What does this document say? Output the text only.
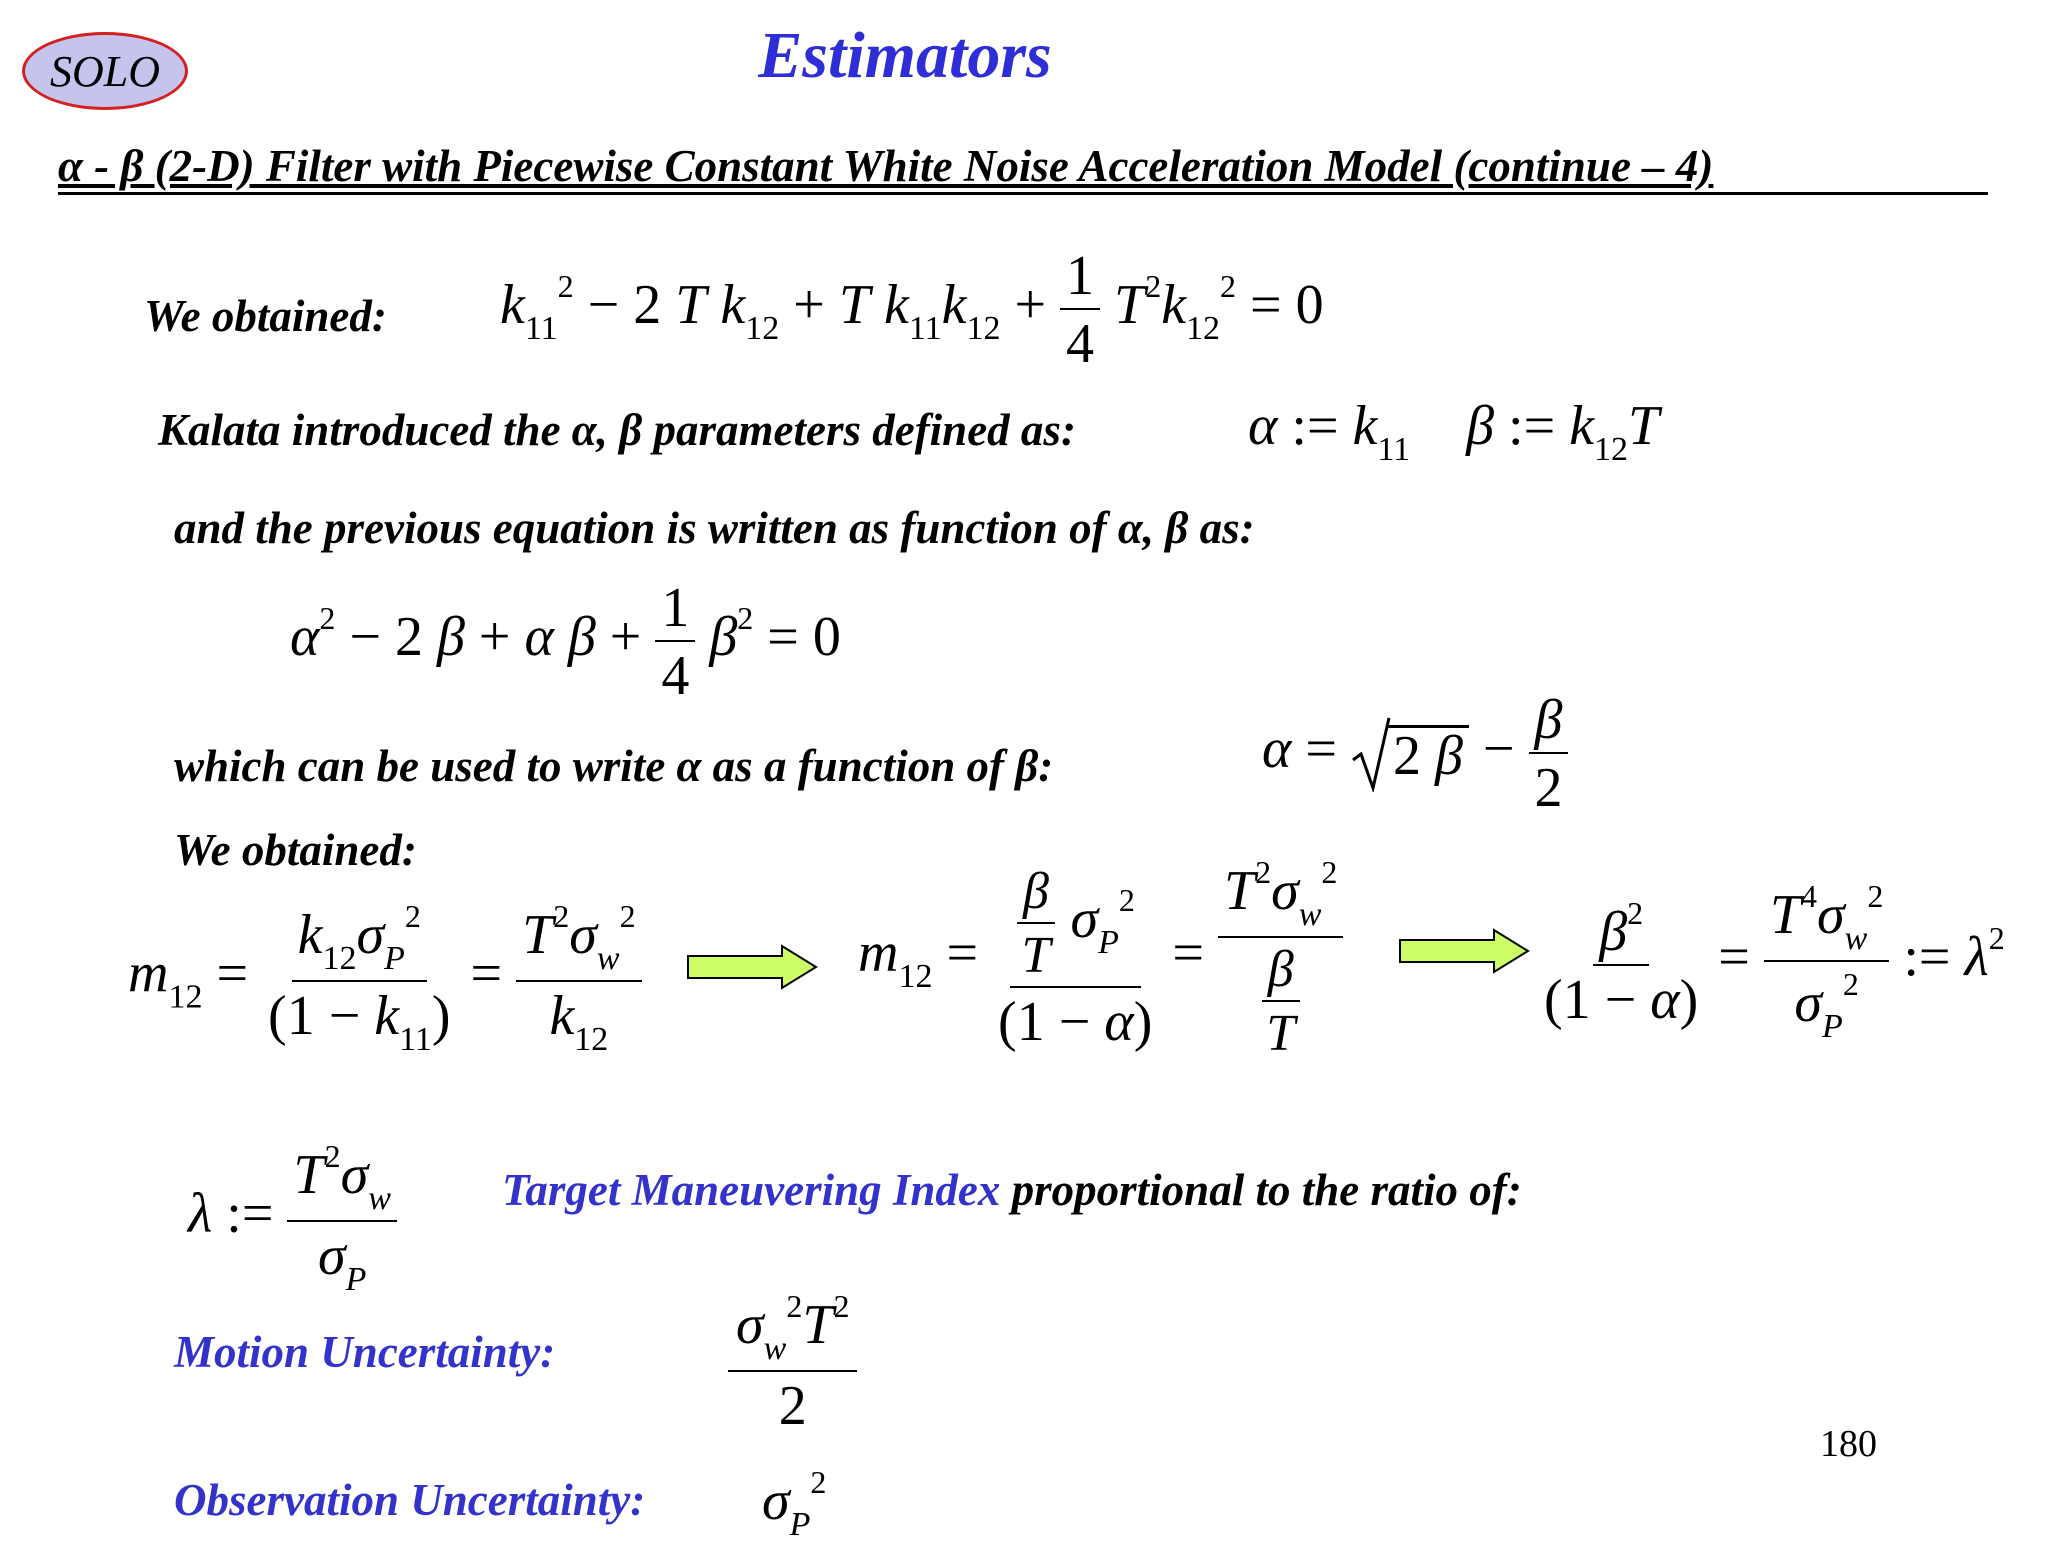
SOLO	Estimators
α - β (2-D) Filter with Piecewise Constant White Noise Acceleration Model (continue – 4)
We obtained: $k_{11}^2 - 2$ T $k_{12} + T$ $k_{11}k_{12} + \frac{1}{4} T^2k_{12}^2 = 0$
Kalata introduced the α, β parameters defined as:	α := $k_{11}$ β := $k_{12}T$
and the previous equation is written as function of α, β as:
$\alpha^2 - 2$ β + α $\beta + \frac{1}{4} \beta^2 = 0$
which can be used to write α as a function of β:	α = 2 $\beta - \frac{\beta}{2}$
We obtained:
$m_{12} = \frac{k_{12}\sigma_P^2}{(1 - k_{11})} = \frac{T^2\sigma_w^2}{k_{12}}$	$m_{12} = \frac{\frac{\beta}{T} \sigma_P^2}{(1 - \alpha)} = \frac{T^2\sigma_w^2}{\frac{\beta}{T}}$	$\frac{\beta^2}{(1 - \alpha)} = \frac{T^4\sigma_w^2}{\sigma_P^2}$ := $\lambda^2$
λ := $\frac{T^2\sigma_w}{\sigma_P}$ Target Maneuvering Index proportional to the ratio of:
Motion Uncertainty:	$\frac{\sigma_w^2T^2}{2}$
Observation Uncertainty: $\sigma_P^2$
180
